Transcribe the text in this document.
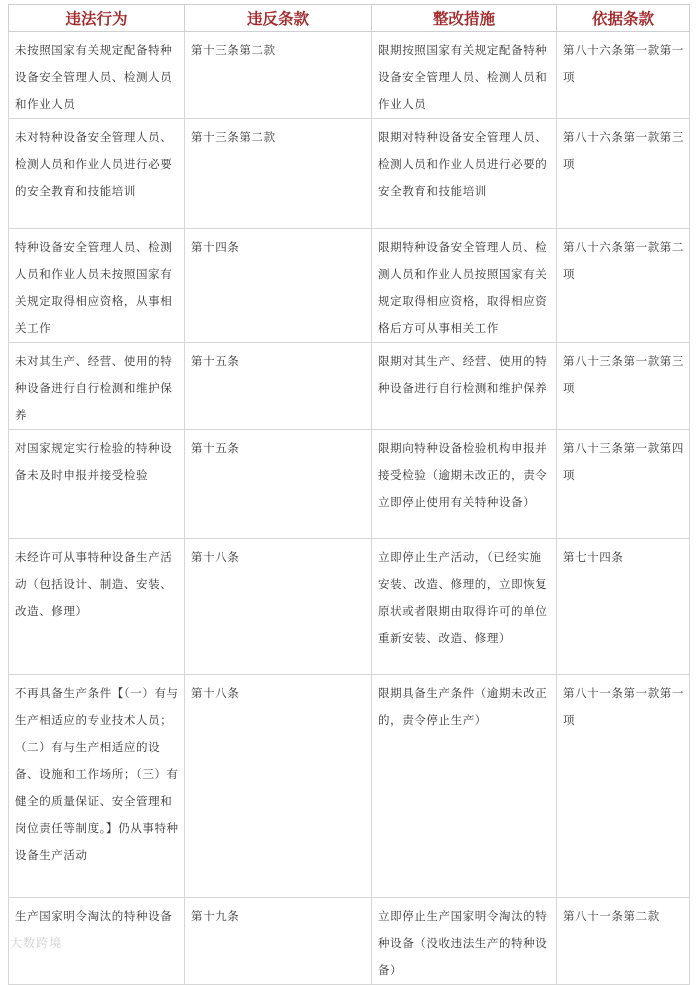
违法行为	违反条款	整改措施	依据条款
未按照国家有关规定配备特种设备安全管理人员、检测人员和作业人员	第十三条第二款	限期按照国家有关规定配备特种设备安全管理人员、检测人员和作业人员	第八十六条第一款第一项
未对特种设备安全管理人员、检测人员和作业人员进行必要的安全教育和技能培训	第十三条第二款	限期对特种设备安全管理人员、检测人员和作业人员进行必要的安全教育和技能培训	第八十六条第一款第三项
特种设备安全管理人员、检测人员和作业人员未按照国家有关规定取得相应资格，从事相关工作	第十四条	限期特种设备安全管理人员、检测人员和作业人员按照国家有关规定取得相应资格，取得相应资格后方可从事相关工作	第八十六条第一款第二项
未对其生产、经营、使用的特种设备进行自行检测和维护保养	第十五条	限期对其生产、经营、使用的特种设备进行自行检测和维护保养	第八十三条第一款第三项
对国家规定实行检验的特种设备未及时申报并接受检验	第十五条	限期向特种设备检验机构申报并接受检验（逾期未改正的，责令立即停止使用有关特种设备）	第八十三条第一款第四项
未经许可从事特种设备生产活动（包括设计、制造、安装、改造、修理）	第十八条	立即停止生产活动，（已经实施安装、改造、修理的，立即恢复原状或者限期由取得许可的单位重新安装、改造、修理）	第七十四条
不再具备生产条件【（一）有与生产相适应的专业技术人员；（二）有与生产相适应的设备、设施和工作场所；（三）有健全的质量保证、安全管理和岗位责任等制度。】仍从事特种设备生产活动	第十八条	限期具备生产条件（逾期未改正的，责令停止生产）	第八十一条第一款第一项
生产国家明令淘汰的特种设备	第十九条	立即停止生产国家明令淘汰的特种设备（没收违法生产的特种设备）	第八十一条第二款
大数跨境
